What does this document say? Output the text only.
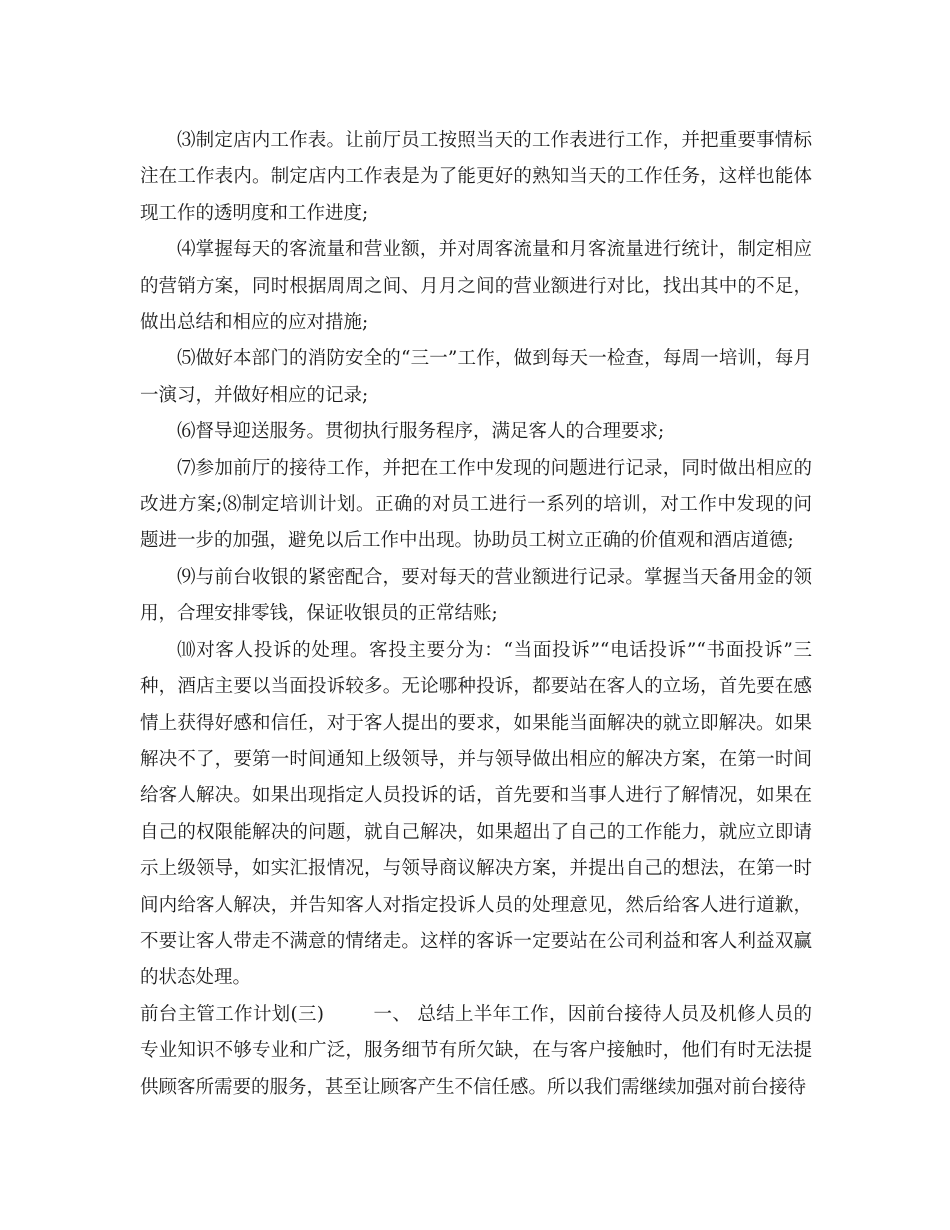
⑶制定店内工作表。让前厅员工按照当天的工作表进行工作，并把重要事情标注在工作表内。制定店内工作表是为了能更好的熟知当天的工作任务，这样也能体现工作的透明度和工作进度;

⑷掌握每天的客流量和营业额，并对周客流量和月客流量进行统计，制定相应的营销方案，同时根据周周之间、月月之间的营业额进行对比，找出其中的不足，做出总结和相应的应对措施;

⑸做好本部门的消防安全的“三一”工作，做到每天一检查，每周一培训，每月一演习，并做好相应的记录;

⑹督导迎送服务。贯彻执行服务程序，满足客人的合理要求;

⑺参加前厅的接待工作，并把在工作中发现的问题进行记录，同时做出相应的改进方案;⑻制定培训计划。正确的对员工进行一系列的培训，对工作中发现的问题进一步的加强，避免以后工作中出现。协助员工树立正确的价值观和酒店道德;

⑼与前台收银的紧密配合，要对每天的营业额进行记录。掌握当天备用金的领用，合理安排零钱，保证收银员的正常结账;

⑽对客人投诉的处理。客投主要分为：“当面投诉”“电话投诉”“书面投诉”三种，酒店主要以当面投诉较多。无论哪种投诉，都要站在客人的立场，首先要在感情上获得好感和信任，对于客人提出的要求，如果能当面解决的就立即解决。如果解决不了，要第一时间通知上级领导，并与领导做出相应的解决方案，在第一时间给客人解决。如果出现指定人员投诉的话，首先要和当事人进行了解情况，如果在自己的权限能解决的问题，就自己解决，如果超出了自己的工作能力，就应立即请示上级领导，如实汇报情况，与领导商议解决方案，并提出自己的想法，在第一时间内给客人解决，并告知客人对指定投诉人员的处理意见，然后给客人进行道歉，不要让客人带走不满意的情绪走。这样的客诉一定要站在公司利益和客人利益双赢的状态处理。

前台主管工作计划(三)	一、 总结上半年工作，因前台接待人员及机修人员的专业知识不够专业和广泛，服务细节有所欠缺，在与客户接触时，他们有时无法提供顾客所需要的服务，甚至让顾客产生不信任感。所以我们需继续加强对前台接待
